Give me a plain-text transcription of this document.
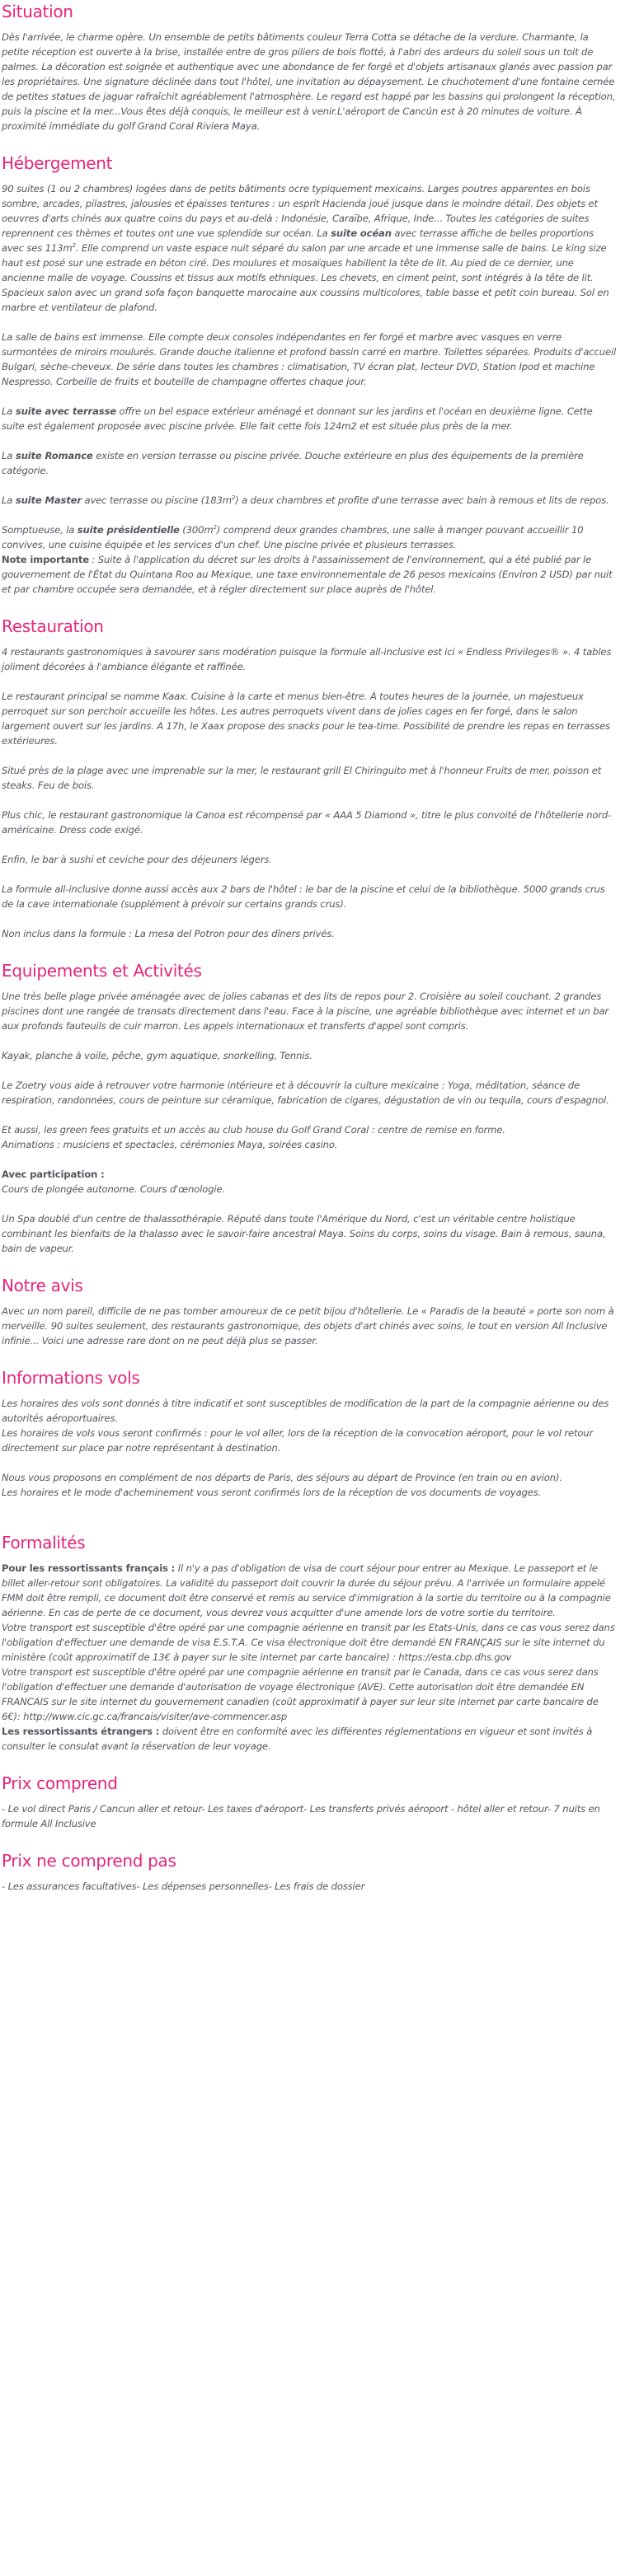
Situation

Dès l'arrivée, le charme opère. Un ensemble de petits bâtiments couleur Terra Cotta se détache de la verdure. Charmante, la petite réception est ouverte à la brise, installée entre de gros piliers de bois flotté, à l'abri des ardeurs du soleil sous un toit de palmes. La décoration est soignée et authentique avec une abondance de fer forgé et d'objets artisanaux glanés avec passion par les propriétaires. Une signature déclinée dans tout l'hôtel, une invitation au dépaysement. Le chuchotement d'une fontaine cernée de petites statues de jaguar rafraîchit agréablement l'atmosphère. Le regard est happé par les bassins qui prolongent la réception, puis la piscine et la mer...Vous êtes déjà conquis, le meilleur est à venir.L'aéroport de Cancún est à 20 minutes de voiture. À proximité immédiate du golf Grand Coral Riviera Maya.

Hébergement

90 suites (1 ou 2 chambres) logées dans de petits bâtiments ocre typiquement mexicains. Larges poutres apparentes en bois sombre, arcades, pilastres, jalousies et épaisses tentures : un esprit Hacienda joué jusque dans le moindre détail. Des objets et oeuvres d'arts chinés aux quatre coins du pays et au-delà : Indonésie, Caraïbe, Afrique, Inde... Toutes les catégories de suites reprennent ces thèmes et toutes ont une vue splendide sur océan. La suite océan avec terrasse affiche de belles proportions avec ses $113m^2$. Elle comprend un vaste espace nuit séparé du salon par une arcade et une immense salle de bains. Le king size haut est posé sur une estrade en béton ciré. Des moulures et mosaïques habillent la tête de lit. Au pied de ce dernier, une ancienne malle de voyage. Coussins et tissus aux motifs ethniques. Les chevets, en ciment peint, sont intégrés à la tête de lit. Spacieux salon avec un grand sofa façon banquette marocaine aux coussins multicolores, table basse et petit coin bureau. Sol en marbre et ventilateur de plafond.

La salle de bains est immense. Elle compte deux consoles indépendantes en fer forgé et marbre avec vasques en verre surmontées de miroirs moulurés. Grande douche italienne et profond bassin carré en marbre. Toilettes séparées. Produits d'accueil Bulgari, sèche-cheveux. De série dans toutes les chambres : climatisation, TV écran plat, lecteur DVD, Station Ipod et machine Nespresso. Corbeille de fruits et bouteille de champagne offertes chaque jour.

La suite avec terrasse offre un bel espace extérieur aménagé et donnant sur les jardins et l'océan en deuxième ligne. Cette suite est également proposée avec piscine privée. Elle fait cette fois 124m2 et est située plus près de la mer.

La suite Romance existe en version terrasse ou piscine privée. Douche extérieure en plus des équipements de la première catégorie.

La suite Master avec terrasse ou piscine $(183m^2)$ a deux chambres et profite d'une terrasse avec bain à remous et lits de repos.

Somptueuse, la suite présidentielle $(300m^2)$ comprend deux grandes chambres, une salle à manger pouvant accueillir 10 convives, une cuisine équipée et les services d'un chef. Une piscine privée et plusieurs terrasses.
Note importante : Suite à l'application du décret sur les droits à l'assainissement de l'environnement, qui a été publié par le gouvernement de l'État du Quintana Roo au Mexique, une taxe environnementale de 26 pesos mexicains (Environ 2 USD) par nuit et par chambre occupée sera demandée, et à régler directement sur place auprès de l'hôtel.

Restauration

4 restaurants gastronomiques à savourer sans modération puisque la formule all-inclusive est ici « Endless Privileges® ». 4 tables joliment décorées à l'ambiance élégante et raffinée.

Le restaurant principal se nomme Kaax. Cuisine à la carte et menus bien-être. À toutes heures de la journée, un majestueux perroquet sur son perchoir accueille les hôtes. Les autres perroquets vivent dans de jolies cages en fer forgé, dans le salon largement ouvert sur les jardins. A 17h, le Xaax propose des snacks pour le tea-time. Possibilité de prendre les repas en terrasses extérieures.

Situé près de la plage avec une imprenable sur la mer, le restaurant grill El Chiringuito met à l'honneur Fruits de mer, poisson et steaks. Feu de bois.

Plus chic, le restaurant gastronomique la Canoa est récompensé par « AAA 5 Diamond », titre le plus convoité de l'hôtellerie nord-américaine. Dress code exigé.

Enfin, le bar à sushi et ceviche pour des déjeuners légers.

La formule all-inclusive donne aussi accès aux 2 bars de l'hôtel : le bar de la piscine et celui de la bibliothèque. 5000 grands crus de la cave internationale (supplément à prévoir sur certains grands crus).

Non inclus dans la formule : La mesa del Potron pour des dîners privés.

Equipements et Activités

Une très belle plage privée aménagée avec de jolies cabanas et des lits de repos pour 2. Croisière au soleil couchant. 2 grandes piscines dont une rangée de transats directement dans l'eau. Face à la piscine, une agréable bibliothèque avec internet et un bar aux profonds fauteuils de cuir marron. Les appels internationaux et transferts d'appel sont compris.

Kayak, planche à voile, pêche, gym aquatique, snorkelling, Tennis.

Le Zoetry vous aide à retrouver votre harmonie intérieure et à découvrir la culture mexicaine : Yoga, méditation, séance de respiration, randonnées, cours de peinture sur céramique, fabrication de cigares, dégustation de vin ou tequila, cours d'espagnol.

Et aussi, les green fees gratuits et un accès au club house du Golf Grand Coral : centre de remise en forme.
Animations : musiciens et spectacles, cérémonies Maya, soirées casino.

Avec participation :
Cours de plongée autonome. Cours d'œnologie.

Un Spa doublé d'un centre de thalassothérapie. Réputé dans toute l'Amérique du Nord, c'est un véritable centre holistique combinant les bienfaits de la thalasso avec le savoir-faire ancestral Maya. Soins du corps, soins du visage. Bain à remous, sauna, bain de vapeur.

Notre avis

Avec un nom pareil, difficile de ne pas tomber amoureux de ce petit bijou d'hôtellerie. Le « Paradis de la beauté » porte son nom à merveille. 90 suites seulement, des restaurants gastronomique, des objets d'art chinés avec soins, le tout en version All Inclusive infinie... Voici une adresse rare dont on ne peut déjà plus se passer.

Informations vols

Les horaires des vols sont donnés à titre indicatif et sont susceptibles de modification de la part de la compagnie aérienne ou des autorités aéroportuaires.
Les horaires de vols vous seront confirmés : pour le vol aller, lors de la réception de la convocation aéroport, pour le vol retour directement sur place par notre représentant à destination.

Nous vous proposons en complément de nos départs de Paris, des séjours au départ de Province (en train ou en avion).
Les horaires et le mode d'acheminement vous seront confirmés lors de la réception de vos documents de voyages.

Formalités

Pour les ressortissants français : Il n'y a pas d'obligation de visa de court séjour pour entrer au Mexique. Le passeport et le billet aller-retour sont obligatoires. La validité du passeport doit couvrir la durée du séjour prévu. A l'arrivée un formulaire appelé FMM doit être rempli, ce document doit être conservé et remis au service d'immigration à la sortie du territoire ou à la compagnie aérienne. En cas de perte de ce document, vous devrez vous acquitter d'une amende lors de votre sortie du territoire.
Votre transport est susceptible d'être opéré par une compagnie aérienne en transit par les Etats-Unis, dans ce cas vous serez dans l'obligation d'effectuer une demande de visa E.S.T.A. Ce visa électronique doit être demandé EN FRANÇAIS sur le site internet du ministère (coût approximatif de 13€ à payer sur le site internet par carte bancaire) : https://esta.cbp.dhs.gov
Votre transport est susceptible d'être opéré par une compagnie aérienne en transit par le Canada, dans ce cas vous serez dans l'obligation d'effectuer une demande d'autorisation de voyage électronique (AVE). Cette autorisation doit être demandée EN FRANCAIS sur le site internet du gouvernement canadien (coût approximatif à payer sur leur site internet par carte bancaire de 6€): http://www.cic.gc.ca/francais/visiter/ave-commencer.asp
Les ressortissants étrangers : doivent être en conformité avec les différentes réglementations en vigueur et sont invités à consulter le consulat avant la réservation de leur voyage.

Prix comprend

- Le vol direct Paris / Cancun aller et retour- Les taxes d'aéroport- Les transferts privés aéroport - hôtel aller et retour- 7 nuits en formule All Inclusive

Prix ne comprend pas

- Les assurances facultatives- Les dépenses personnelles- Les frais de dossier
